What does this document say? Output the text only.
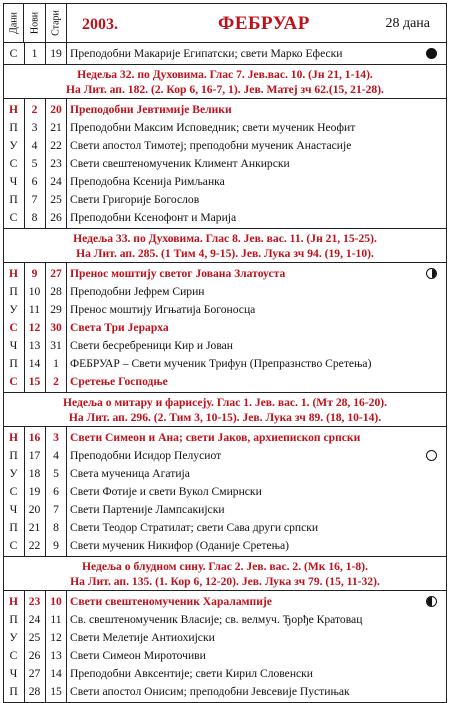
Дани Нови Стари 2003.	ФЕБРУАР	28 дана
С	1	19 Преподобни Макарије Египатски; свети Марко Ефески
Недеља 32. по Духовима. Глас 7. Јев.вас. 10. (Јн 21, 1-14).
На Лит. ап. 182. (2. Кор 6, 16-7, 1). Јев. Матеј зч 62.(15, 21-28).
Н	2	20 Преподобни Јевтимије Велики
П	3	21 Преподобни Максим Исповедник; свети мученик Неофит
У	4	22 Свети апостол Тимотеј; преподобни мученик Анастасије
С	5	23 Свети свештеномученик Климент Анкирски
Ч	6	24 Преподобна Ксенија Римљанка
П	7	25 Свети Григорије Богослов
С	8	26 Преподобни Ксенофонт и Марија
Недеља 33. по Духовима. Глас 8. Јев. вас. 11. (Јн 21, 15-25).
На Лит. ап. 285. (1 Тим 4, 9-15). Јев. Лука зч 94. (19, 1-10).
Н	9	27 Пренос моштију светог Јована Златоуста
П 10 28 Преподобни Јефрем Сирин
У 11 29 Пренос моштију Игњатија Богоносца
С 12 30 Света Три Јерарха
Ч 13 31 Свети бесребреници Кир и Јован
П 14	1 ФЕБРУАР – Свети мученик Трифун (Препразнство Сретења)
С 15	2 Сретење Господње
Недеља о митару и фарисеју. Глас 1. Јев. вас. 1. (Мт 28, 16-20).
На Лит. ап. 296. (2. Тим 3, 10-15). Јев. Лука зч 89. (18, 10-14).
Н 16	3 Свети Симеон и Ана; свети Јаков, архиепископ српски
П 17	4 Преподобни Исидор Пелусиот
У 18	5 Света мученица Агатија
С 19	6 Свети Фотије и свети Вукол Смирнски
Ч 20	7 Свети Партеније Лампсакијски
П 21	8 Свети Теодор Стратилат; свети Сава други српски
С 22	9 Свети мученик Никифор (Оданије Сретења)
Недеља о блудном сину. Глас 2. Јев. вас. 2. (Мк 16, 1-8).
На Лит. ап. 135. (1. Кор 6, 12-20). Јев. Лука зч 79. (15, 11-32).
Н 23 10 Свети свештеномученик Харалампије
П 24 11 Св. свештеномученик Власије; св. велмуч. Ђорђе Кратовац
У 25 12 Свети Мелетије Антиохијски
С 26 13 Свети Симеон Мироточиви
Ч 27 14 Преподобни Авксентије; свети Кирил Словенски
П 28 15 Свети апостол Онисим; преподобни Јевсевије Пустињак
